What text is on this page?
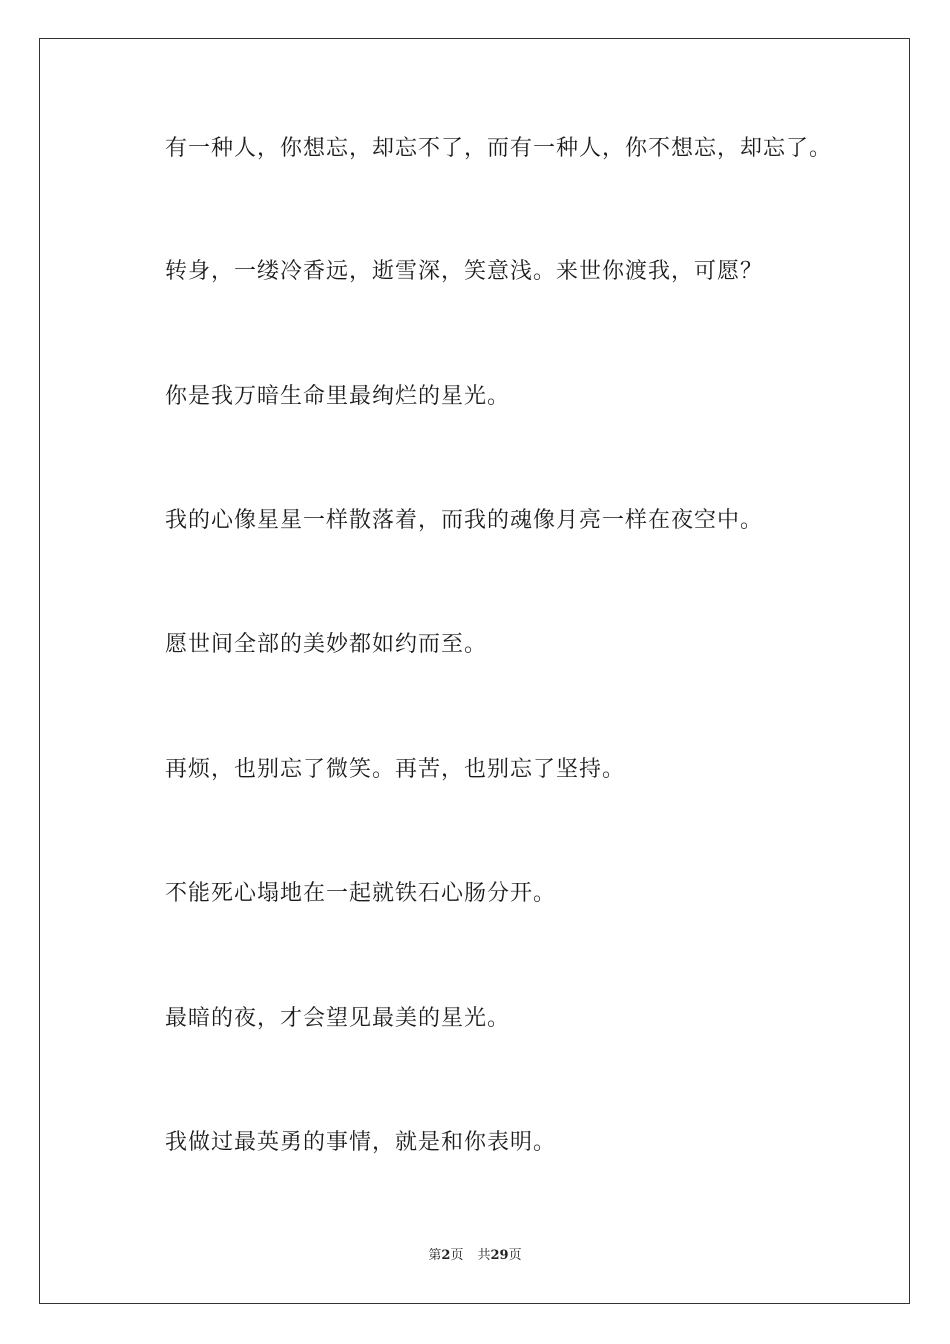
有一种人，你想忘，却忘不了，而有一种人，你不想忘，却忘了。
转身，一缕冷香远，逝雪深，笑意浅。来世你渡我，可愿？
你是我万暗生命里最绚烂的星光。
我的心像星星一样散落着，而我的魂像月亮一样在夜空中。
愿世间全部的美妙都如约而至。
再烦，也别忘了微笑。再苦，也别忘了坚持。
不能死心塌地在一起就铁石心肠分开。
最暗的夜，才会望见最美的星光。
我做过最英勇的事情，就是和你表明。
第2页 共29页
